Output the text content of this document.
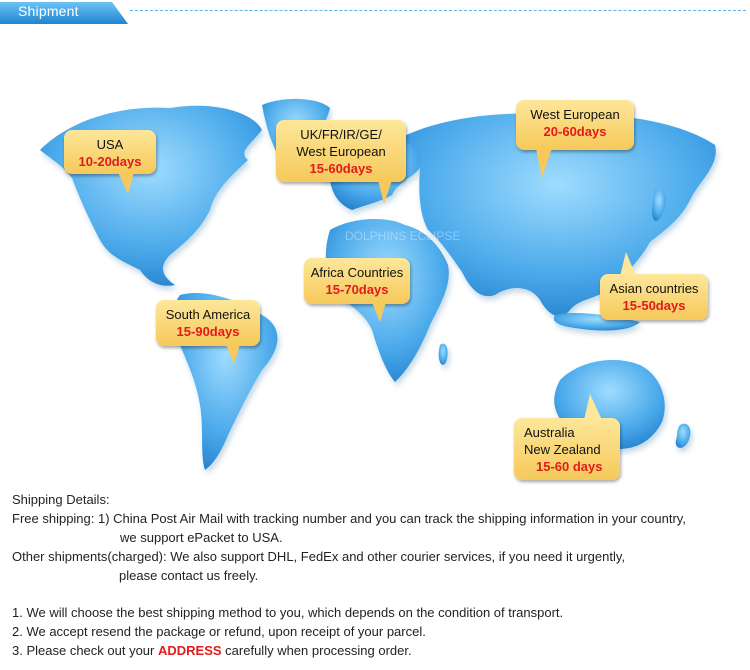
Shipment
DOLPHINS ECLIPSE
USA
10-20days
UK/FR/IR/GE/
West European
15-60days
West European
20-60days
Africa Countries
15-70days
South America
15-90days
Asian countries
15-50days
Australia
New Zealand
15-60 days
Shipping Details:
Free shipping: 1) China Post Air Mail with tracking number and you can track the shipping information in your country,
we support ePacket to USA.
Other shipments(charged): We also support DHL, FedEx and other courier services, if you need it urgently,
please contact us freely.
1. We will choose the best shipping method to you, which depends on the condition of transport.
2. We accept resend the package or refund, upon receipt of your parcel.
3. Please check out your ADDRESS carefully when processing order.
